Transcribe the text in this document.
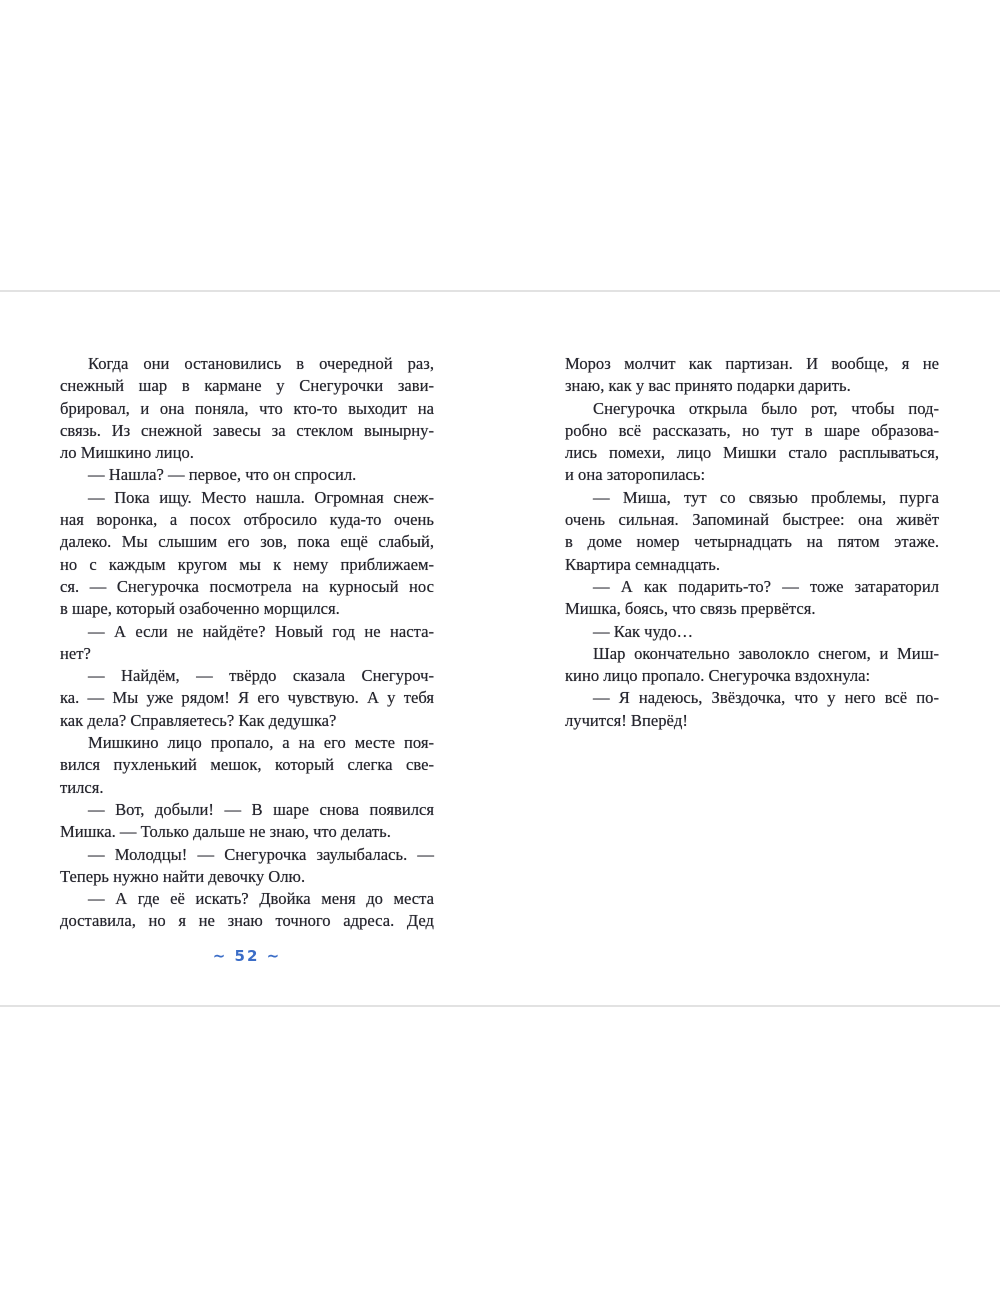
Когда они остановились в очередной раз,
снежный шар в кармане у Снегурочки зави-
брировал, и она поняла, что кто-то выходит на
связь. Из снежной завесы за стеклом вынырну-
ло Мишкино лицо.
— Нашла? — первое, что он спросил.
— Пока ищу. Место нашла. Огромная снеж-
ная воронка, а посох отбросило куда-то очень
далеко. Мы слышим его зов, пока ещё слабый,
но с каждым кругом мы к нему приближаем-
ся. — Снегурочка посмотрела на курносый нос
в шаре, который озабоченно морщился.
— А если не найдёте? Новый год не наста-
нет?
— Найдём, — твёрдо сказала Снегуроч-
ка. — Мы уже рядом! Я его чувствую. А у тебя
как дела? Справляетесь? Как дедушка?
Мишкино лицо пропало, а на его месте поя-
вился пухленький мешок, который слегка све-
тился.
— Вот, добыли! — В шаре снова появился
Мишка. — Только дальше не знаю, что делать.
— Молодцы! — Снегурочка заулыбалась. —
Теперь нужно найти девочку Олю.
— А где её искать? Двойка меня до места
доставила, но я не знаю точного адреса. Дед
Мороз молчит как партизан. И вообще, я не
знаю, как у вас принято подарки дарить.
Снегурочка открыла было рот, чтобы под-
робно всё рассказать, но тут в шаре образова-
лись помехи, лицо Мишки стало расплываться,
и она заторопилась:
— Миша, тут со связью проблемы, пурга
очень сильная. Запоминай быстрее: она живёт
в доме номер четырнадцать на пятом этаже.
Квартира семнадцать.
— А как подарить-то? — тоже затараторил
Мишка, боясь, что связь прервётся.
— Как чудо…
Шар окончательно заволокло снегом, и Миш-
кино лицо пропало. Снегурочка вздохнула:
— Я надеюсь, Звёздочка, что у него всё по-
лучится! Вперёд!
~ 52 ~
